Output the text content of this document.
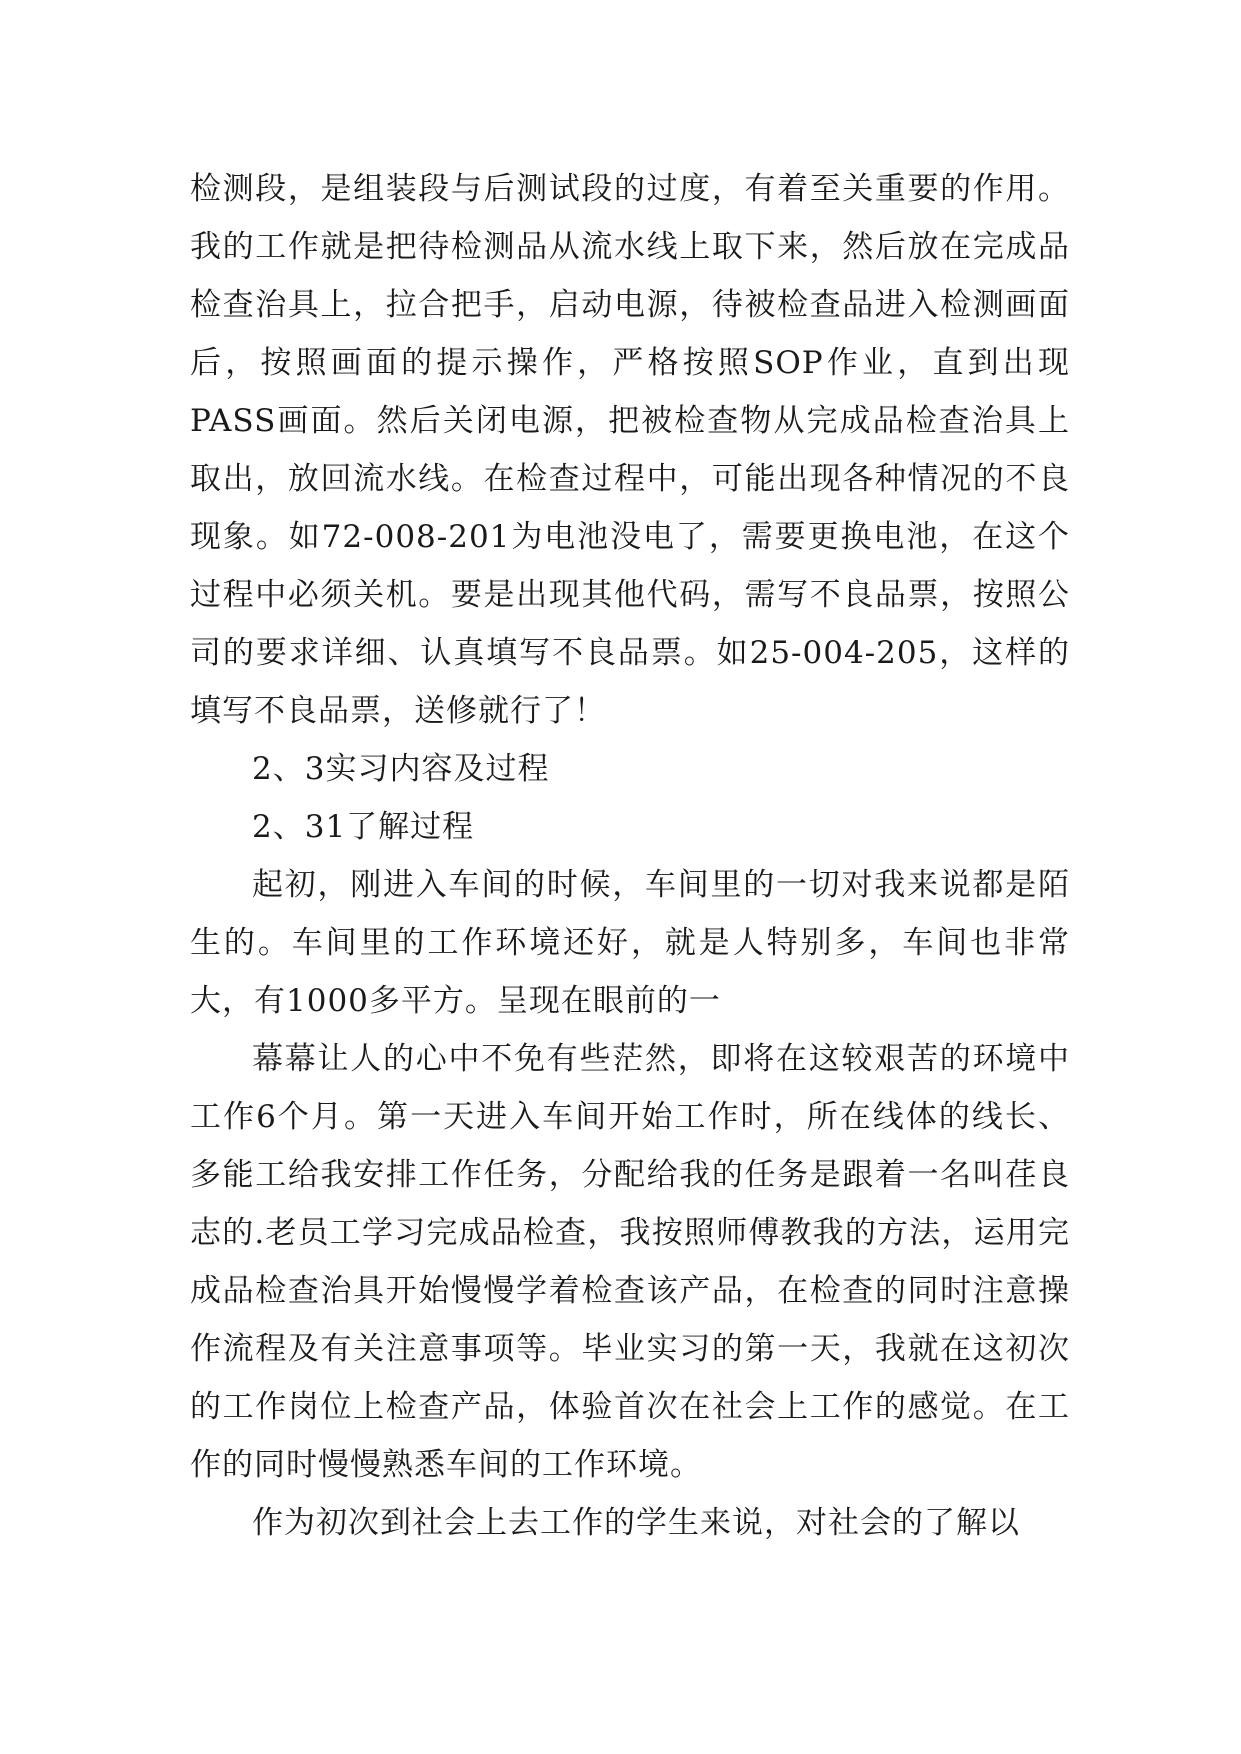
检测段，是组装段与后测试段的过度，有着至关重要的作用。我的工作就是把待检测品从流水线上取下来，然后放在完成品检查治具上，拉合把手，启动电源，待被检查品进入检测画面后，按照画面的提示操作，严格按照SOP作业，直到出现PASS画面。然后关闭电源，把被检查物从完成品检查治具上取出，放回流水线。在检查过程中，可能出现各种情况的不良现象。如72-008-201为电池没电了，需要更换电池，在这个过程中必须关机。要是出现其他代码，需写不良品票，按照公司的要求详细、认真填写不良品票。如25-004-205，这样的填写不良品票，送修就行了！

2、3实习内容及过程

2、31了解过程

起初，刚进入车间的时候，车间里的一切对我来说都是陌生的。车间里的工作环境还好，就是人特别多，车间也非常大，有1000多平方。呈现在眼前的一

幕幕让人的心中不免有些茫然，即将在这较艰苦的环境中工作6个月。第一天进入车间开始工作时，所在线体的线长、多能工给我安排工作任务，分配给我的任务是跟着一名叫荏良志的.老员工学习完成品检查，我按照师傅教我的方法，运用完成品检查治具开始慢慢学着检查该产品，在检查的同时注意操作流程及有关注意事项等。毕业实习的第一天，我就在这初次的工作岗位上检查产品，体验首次在社会上工作的感觉。在工作的同时慢慢熟悉车间的工作环境。

作为初次到社会上去工作的学生来说，对社会的了解以
